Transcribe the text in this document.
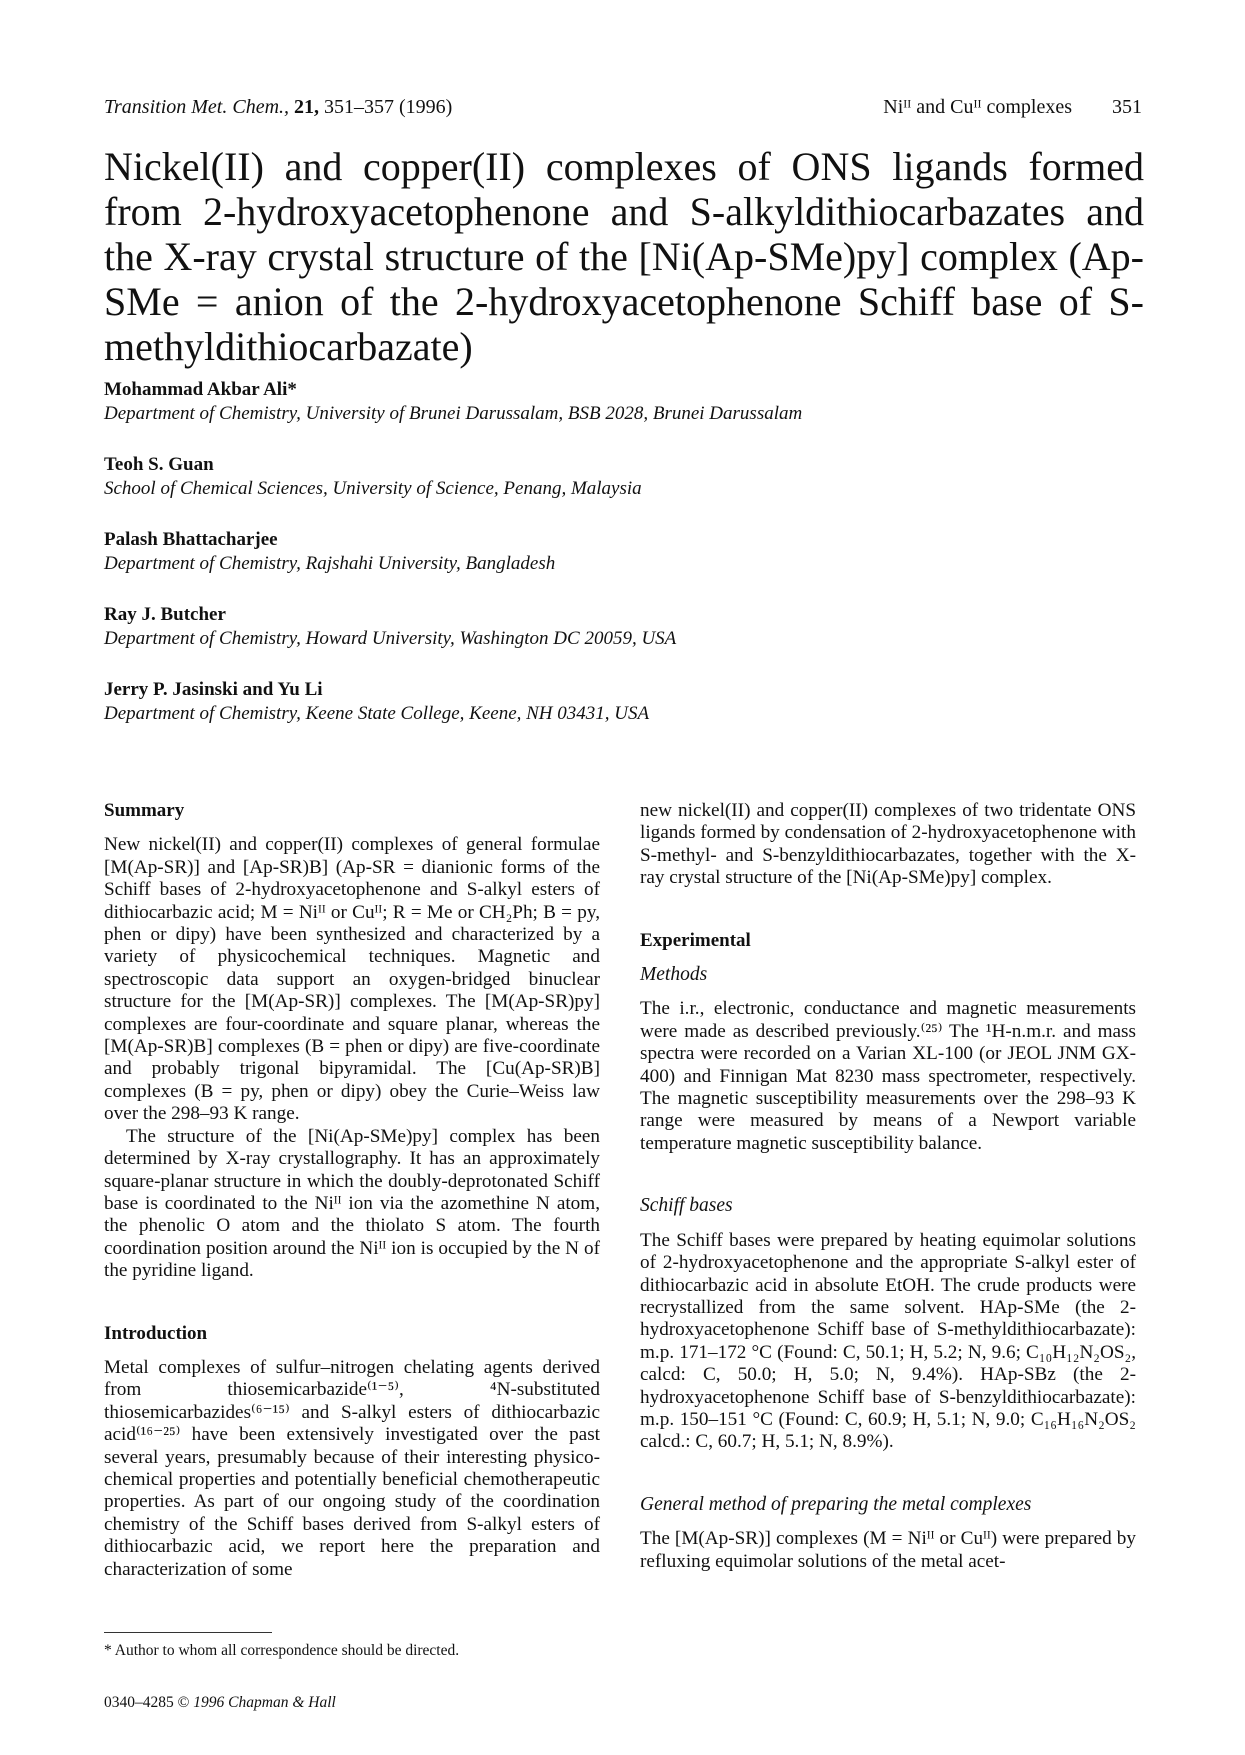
Transition Met. Chem., 21, 351–357 (1996)	Niᴵᴵ and Cuᴵᴵ complexes 351
Nickel(II) and copper(II) complexes of ONS ligands formed from 2-hydroxyacetophenone and S-alkyldithiocarbazates and the X-ray crystal structure of the [Ni(Ap-SMe)py] complex (Ap-SMe = anion of the 2-hydroxyacetophenone Schiff base of S-methyldithiocarbazate)
Mohammad Akbar Ali*
Department of Chemistry, University of Brunei Darussalam, BSB 2028, Brunei Darussalam
Teoh S. Guan
School of Chemical Sciences, University of Science, Penang, Malaysia
Palash Bhattacharjee
Department of Chemistry, Rajshahi University, Bangladesh
Ray J. Butcher
Department of Chemistry, Howard University, Washington DC 20059, USA
Jerry P. Jasinski and Yu Li
Department of Chemistry, Keene State College, Keene, NH 03431, USA
Summary

New nickel(II) and copper(II) complexes of general formulae [M(Ap-SR)] and [Ap-SR)B] (Ap-SR = dianionic forms of the Schiff bases of 2-hydroxyacetophenone and S-alkyl esters of dithiocarbazic acid; M = Niᴵᴵ or Cuᴵᴵ; R = Me or CH₂Ph; B = py, phen or dipy) have been synthesized and characterized by a variety of physicochemical techniques. Magnetic and spectroscopic data support an oxygen-bridged binuclear structure for the [M(Ap-SR)] complexes. The [M(Ap-SR)py] complexes are four-coordinate and square planar, whereas the [M(Ap-SR)B] complexes (B = phen or dipy) are five-coordinate and probably trigonal bipyramidal. The [Cu(Ap-SR)B] complexes (B = py, phen or dipy) obey the Curie–Weiss law over the 298–93 K range.

The structure of the [Ni(Ap-SMe)py] complex has been determined by X-ray crystallography. It has an approximately square-planar structure in which the doubly-deprotonated Schiff base is coordinated to the Niᴵᴵ ion via the azomethine N atom, the phenolic O atom and the thiolato S atom. The fourth coordination position around the Niᴵᴵ ion is occupied by the N of the pyridine ligand.

Introduction

Metal complexes of sulfur–nitrogen chelating agents derived from thiosemicarbazide⁽¹⁻⁵⁾, ⁴N-substituted thiosemicarbazides⁽⁶⁻¹⁵⁾ and S-alkyl esters of dithiocarbazic acid⁽¹⁶⁻²⁵⁾ have been extensively investigated over the past several years, presumably because of their interesting physico-chemical properties and potentially beneficial chemotherapeutic properties. As part of our ongoing study of the coordination chemistry of the Schiff bases derived from S-alkyl esters of dithiocarbazic acid, we report here the preparation and characterization of some

new nickel(II) and copper(II) complexes of two tridentate ONS ligands formed by condensation of 2-hydroxyacetophenone with S-methyl- and S-benzyldithiocarbazates, together with the X-ray crystal structure of the [Ni(Ap-SMe)py] complex.

Experimental
Methods

The i.r., electronic, conductance and magnetic measurements were made as described previously.⁽²⁵⁾ The ¹H-n.m.r. and mass spectra were recorded on a Varian XL-100 (or JEOL JNM GX-400) and Finnigan Mat 8230 mass spectrometer, respectively. The magnetic susceptibility measurements over the 298–93 K range were measured by means of a Newport variable temperature magnetic susceptibility balance.

Schiff bases

The Schiff bases were prepared by heating equimolar solutions of 2-hydroxyacetophenone and the appropriate S-alkyl ester of dithiocarbazic acid in absolute EtOH. The crude products were recrystallized from the same solvent. HAp-SMe (the 2-hydroxyacetophenone Schiff base of S-methyldithiocarbazate): m.p. 171–172 °C (Found: C, 50.1; H, 5.2; N, 9.6; C₁₀H₁₂N₂OS₂, calcd: C, 50.0; H, 5.0; N, 9.4%). HAp-SBz (the 2-hydroxyacetophenone Schiff base of S-benzyldithiocarbazate): m.p. 150–151 °C (Found: C, 60.9; H, 5.1; N, 9.0; C₁₆H₁₆N₂OS₂ calcd.: C, 60.7; H, 5.1; N, 8.9%).

General method of preparing the metal complexes

The [M(Ap-SR)] complexes (M = Niᴵᴵ or Cuᴵᴵ) were prepared by refluxing equimolar solutions of the metal acet-

* Author to whom all correspondence should be directed.
0340–4285 © 1996 Chapman & Hall
